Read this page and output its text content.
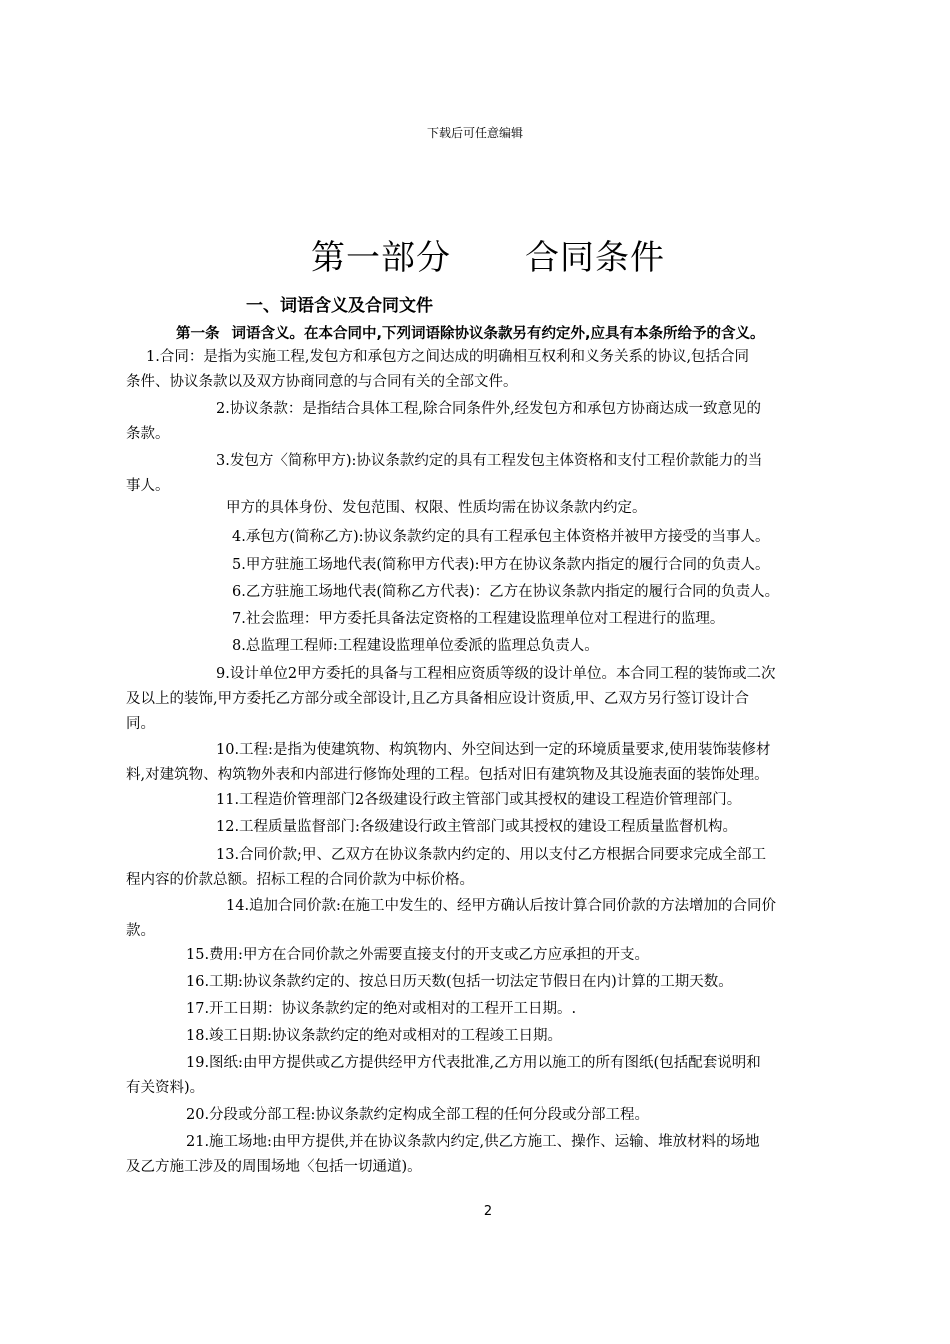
下载后可任意编辑
第一部分 合同条件
一、词语含义及合同文件
第一条 词语含义。在本合同中,下列词语除协议条款另有约定外,应具有本条所给予的含义。
1.合同：是指为实施工程,发包方和承包方之间达成的明确相互权利和义务关系的协议,包括合同
条件、协议条款以及双方协商同意的与合同有关的全部文件。
2.协议条款：是指结合具体工程,除合同条件外,经发包方和承包方协商达成一致意见的
条款。
3.发包方〈简称甲方):协议条款约定的具有工程发包主体资格和支付工程价款能力的当
事人。
甲方的具体身份、发包范围、权限、性质均需在协议条款内约定。
4.承包方(简称乙方):协议条款约定的具有工程承包主体资格并被甲方接受的当事人。
5.甲方驻施工场地代表(简称甲方代表):甲方在协议条款内指定的履行合同的负责人。
6.乙方驻施工场地代表(简称乙方代表)：乙方在协议条款内指定的履行合同的负责人。
7.社会监理：甲方委托具备法定资格的工程建设监理单位对工程进行的监理。
8.总监理工程师:工程建设监理单位委派的监理总负责人。
9.设计单位2甲方委托的具备与工程相应资质等级的设计单位。本合同工程的装饰或二次
及以上的装饰,甲方委托乙方部分或全部设计,且乙方具备相应设计资质,甲、乙双方另行签订设计合
同。
10.工程:是指为使建筑物、构筑物内、外空间达到一定的环境质量要求,使用装饰装修材
料,对建筑物、构筑物外表和内部进行修饰处理的工程。包括对旧有建筑物及其设施表面的装饰处理。
11.工程造价管理部门2各级建设行政主管部门或其授权的建设工程造价管理部门。
12.工程质量监督部门:各级建设行政主管部门或其授权的建设工程质量监督机构。
13.合同价款;甲、乙双方在协议条款内约定的、用以支付乙方根据合同要求完成全部工
程内容的价款总额。招标工程的合同价款为中标价格。
14.追加合同价款:在施工中发生的、经甲方确认后按计算合同价款的方法增加的合同价
款。
15.费用:甲方在合同价款之外需要直接支付的开支或乙方应承担的开支。
16.工期:协议条款约定的、按总日历天数(包括一切法定节假日在内)计算的工期天数。
17.开工日期：协议条款约定的绝对或相对的工程开工日期。.
18.竣工日期:协议条款约定的绝对或相对的工程竣工日期。
19.图纸:由甲方提供或乙方提供经甲方代表批准,乙方用以施工的所有图纸(包括配套说明和
有关资料)。
20.分段或分部工程:协议条款约定构成全部工程的任何分段或分部工程。
21.施工场地:由甲方提供,并在协议条款内约定,供乙方施工、操作、运输、堆放材料的场地
及乙方施工涉及的周围场地〈包括一切通道)。
2
